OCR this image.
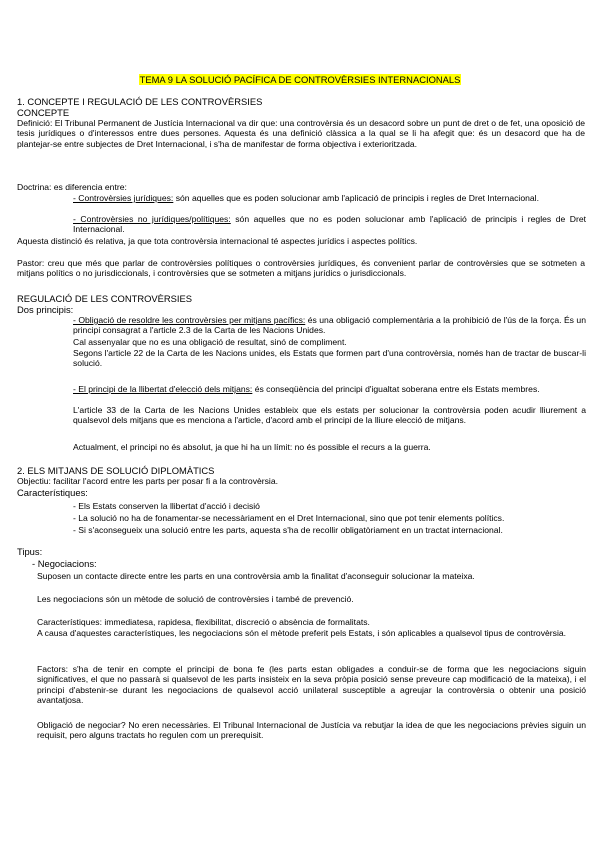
TEMA 9 LA SOLUCIÓ PACÍFICA DE CONTROVÈRSIES INTERNACIONALS

1. CONCEPTE I REGULACIÓ DE LES CONTROVÈRSIES

CONCEPTE

Definició: El Tribunal Permanent de Justícia Internacional va dir que: una controvèrsia és un desacord sobre un punt de dret o de fet, una oposició de tesis jurídiques o d'interessos entre dues persones. Aquesta és una definició clàssica a la qual se li ha afegit que: és un desacord que ha de plantejar-se entre subjectes de Dret Internacional, i s'ha de manifestar de forma objectiva i exterioritzada.

Doctrina: es diferencia entre:

- Controvèrsies jurídiques: són aquelles que es poden solucionar amb l'aplicació de principis i regles de Dret Internacional.

- Controvèrsies no jurídiques/polítiques: són aquelles que no es poden solucionar amb l'aplicació de principis i regles de Dret Internacional.

Aquesta distinció és relativa, ja que tota controvèrsia internacional té aspectes jurídics i aspectes polítics.

Pastor: creu que més que parlar de controvèrsies polítiques o controvèrsies jurídiques, és convenient parlar de controvèrsies que se sotmeten a mitjans polítics o no jurisdiccionals, i controvèrsies que se sotmeten a mitjans jurídics o jurisdiccionals.

REGULACIÓ DE LES CONTROVÈRSIES

Dos principis:

- Obligació de resoldre les controvèrsies per mitjans pacífics: és una obligació complementària a la prohibició de l'ús de la força. És un principi consagrat a l'article 2.3 de la Carta de les Nacions Unides.

Cal assenyalar que no es una obligació de resultat, sinó de compliment.

Segons l'article 22 de la Carta de les Nacions unides, els Estats que formen part d'una controvèrsia, només han de tractar de buscar-li solució.

- El principi de la llibertat d'elecció dels mitjans: és conseqüència del principi d'igualtat soberana entre els Estats membres.

L'article 33 de la Carta de les Nacions Unides estableix que els estats per solucionar la controvèrsia poden acudir lliurement a qualsevol dels mitjans que es menciona a l'article, d'acord amb el principi de la lliure elecció de mitjans.

Actualment, el principi no és absolut, ja que hi ha un límit: no és possible el recurs a la guerra.

2. ELS MITJANS DE SOLUCIÓ DIPLOMÀTICS

Objectiu: facilitar l'acord entre les parts per posar fi a la controvèrsia.

Característiques:

- Els Estats conserven la llibertat d'acció i decisió

- La solució no ha de fonamentar-se necessàriament en el Dret Internacional, sino que pot tenir elements polítics.

- Si s'aconsegueix una solució entre les parts, aquesta s'ha de recollir obligatòriament en un tractat internacional.

Tipus:

- Negociacions:

Suposen un contacte directe entre les parts en una controvèrsia amb la finalitat d'aconseguir solucionar la mateixa.

Les negociacions són un mètode de solució de controvèrsies i també de prevenció.

Característiques: immediatesa, rapidesa, flexibilitat, discreció o absència de formalitats.

A causa d'aquestes característiques, les negociacions són el mètode preferit pels Estats, i són aplicables a qualsevol tipus de controvèrsia.

Factors: s'ha de tenir en compte el principi de bona fe (les parts estan obligades a conduir-se de forma que les negociacions siguin significatives, el que no passarà si qualsevol de les parts insisteix en la seva pròpia posició sense preveure cap modificació de la mateixa), i el principi d'abstenir-se durant les negociacions de qualsevol acció unilateral susceptible a agreujar la controvèrsia o obtenir una posició avantatjosa.

Obligació de negociar? No eren necessàries. El Tribunal Internacional de Justícia va rebutjar la idea de que les negociacions prèvies siguin un requisit, pero alguns tractats ho regulen com un prerequisit.
